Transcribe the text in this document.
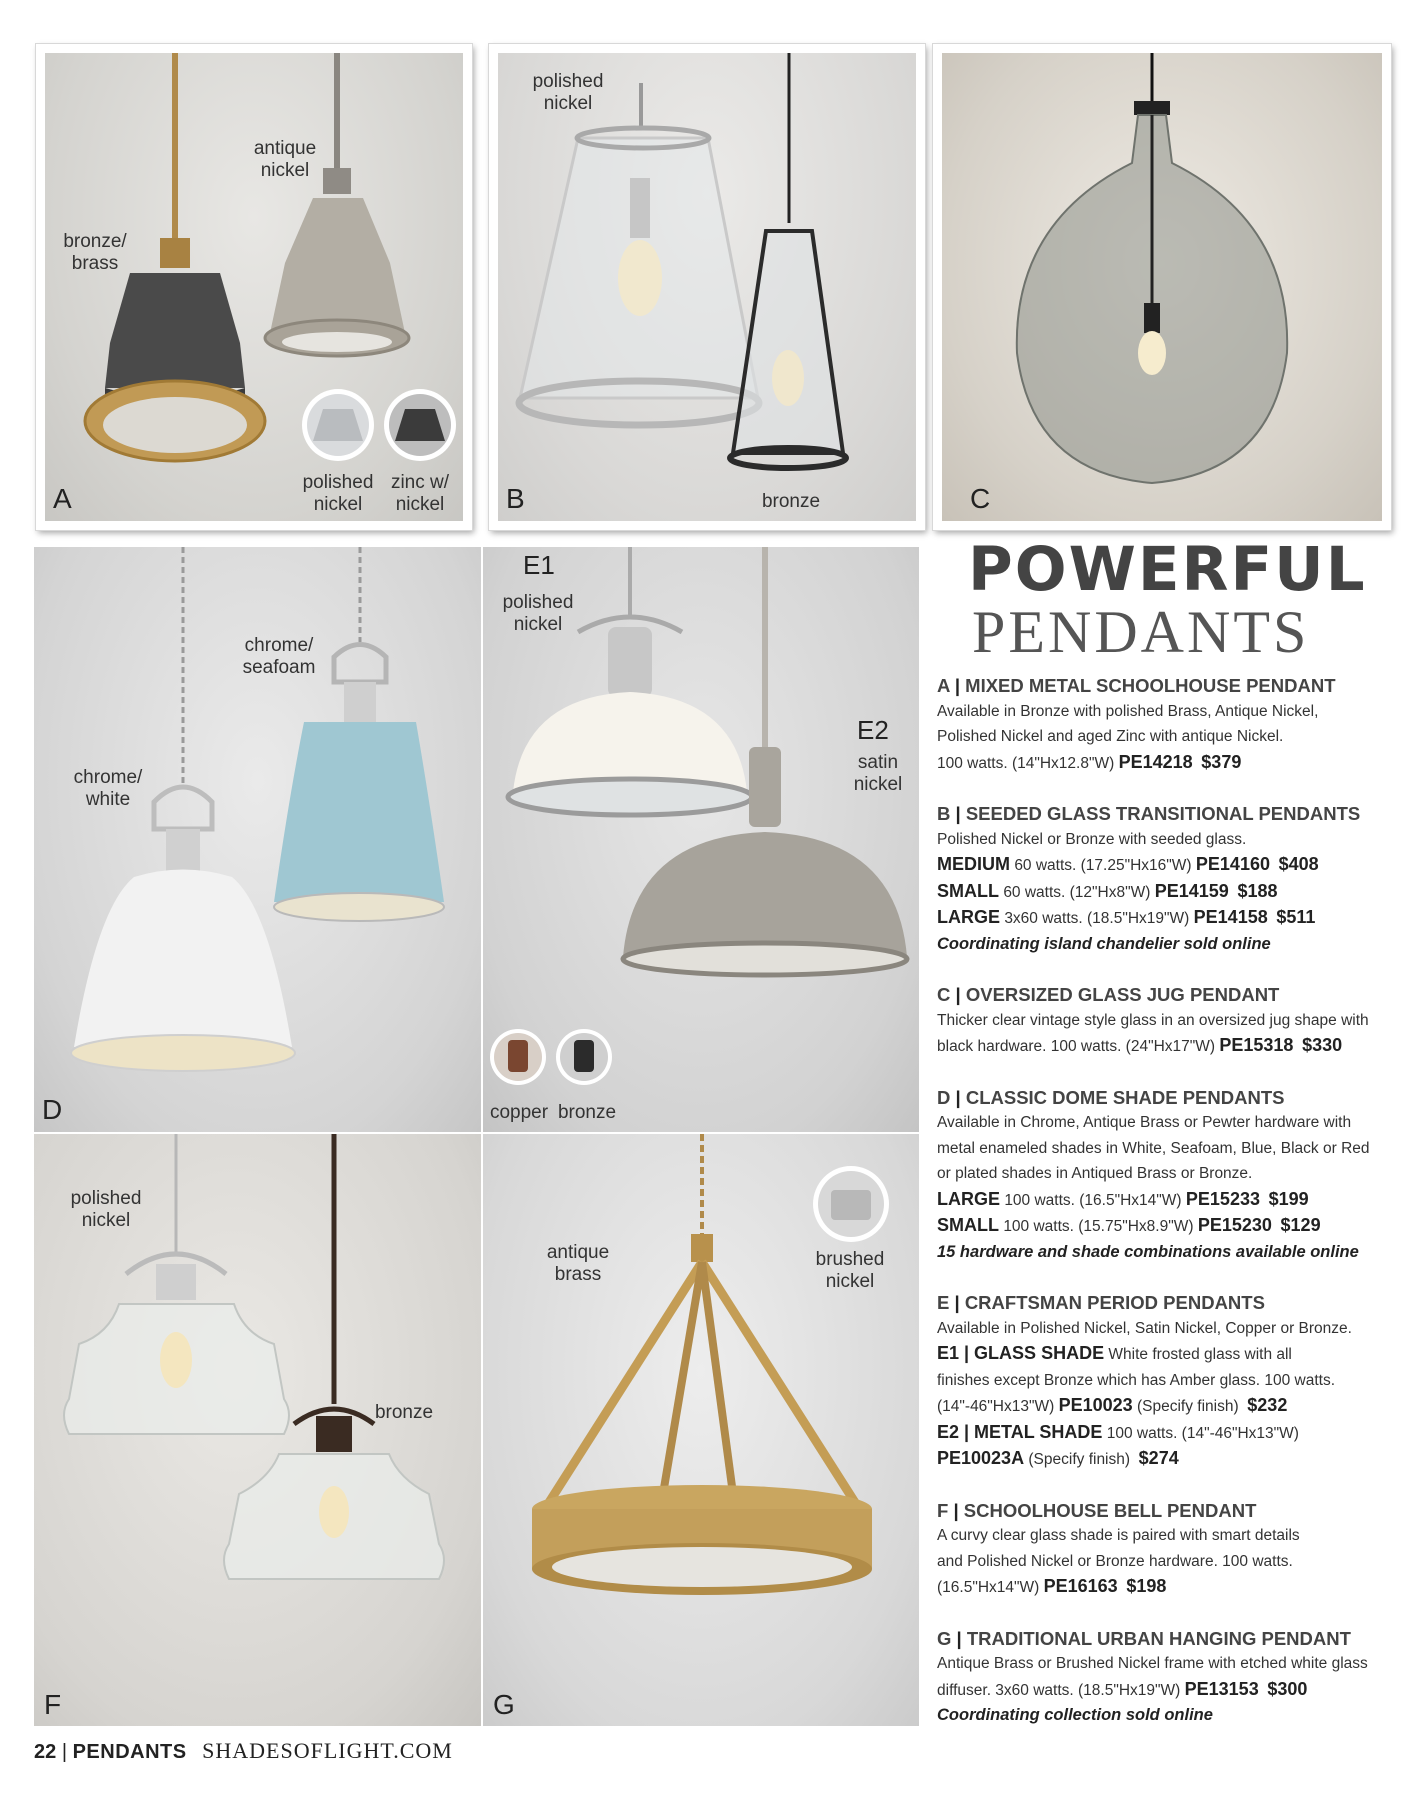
antique
nickel
bronze/
brass
polished
nickel
zinc w/
nickel
A
polished
nickel
bronze
B	C
chrome/
seafoam
chrome/
white
D
E1
polished
nickel
E2
satin
nickel
copper bronze
polished
nickel
bronze
F
antique
brass
brushed
nickel
G
POWERFUL
PENDANTS
A | MIXED METAL SCHOOLHOUSE PENDANT
Available in Bronze with polished Brass, Antique Nickel,
Polished Nickel and aged Zinc with antique Nickel.
100 watts. (14"Hx12.8"W) PE14218 $379
B | SEEDED GLASS TRANSITIONAL PENDANTS
Polished Nickel or Bronze with seeded glass.
MEDIUM 60 watts. (17.25"Hx16"W) PE14160 $408
SMALL 60 watts. (12"Hx8"W) PE14159 $188
LARGE 3x60 watts. (18.5"Hx19"W) PE14158 $511
Coordinating island chandelier sold online
C | OVERSIZED GLASS JUG PENDANT
Thicker clear vintage style glass in an oversized jug shape with
black hardware. 100 watts. (24"Hx17"W) PE15318 $330
D | CLASSIC DOME SHADE PENDANTS
Available in Chrome, Antique Brass or Pewter hardware with
metal enameled shades in White, Seafoam, Blue, Black or Red
or plated shades in Antiqued Brass or Bronze.
LARGE 100 watts. (16.5"Hx14"W) PE15233 $199
SMALL 100 watts. (15.75"Hx8.9"W) PE15230 $129
15 hardware and shade combinations available online
E | CRAFTSMAN PERIOD PENDANTS
Available in Polished Nickel, Satin Nickel, Copper or Bronze.
E1 | GLASS SHADE White frosted glass with all
finishes except Bronze which has Amber glass. 100 watts.
(14"-46"Hx13"W) PE10023 (Specify finish) $232
E2 | METAL SHADE 100 watts. (14"-46"Hx13"W)
PE10023A (Specify finish) $274
F | SCHOOLHOUSE BELL PENDANT
A curvy clear glass shade is paired with smart details
and Polished Nickel or Bronze hardware. 100 watts.
(16.5"Hx14"W) PE16163 $198
G | TRADITIONAL URBAN HANGING PENDANT
Antique Brass or Brushed Nickel frame with etched white glass
diffuser. 3x60 watts. (18.5"Hx19"W) PE13153 $300
Coordinating collection sold online
22 | PENDANTS SHADESOFLIGHT.COM
